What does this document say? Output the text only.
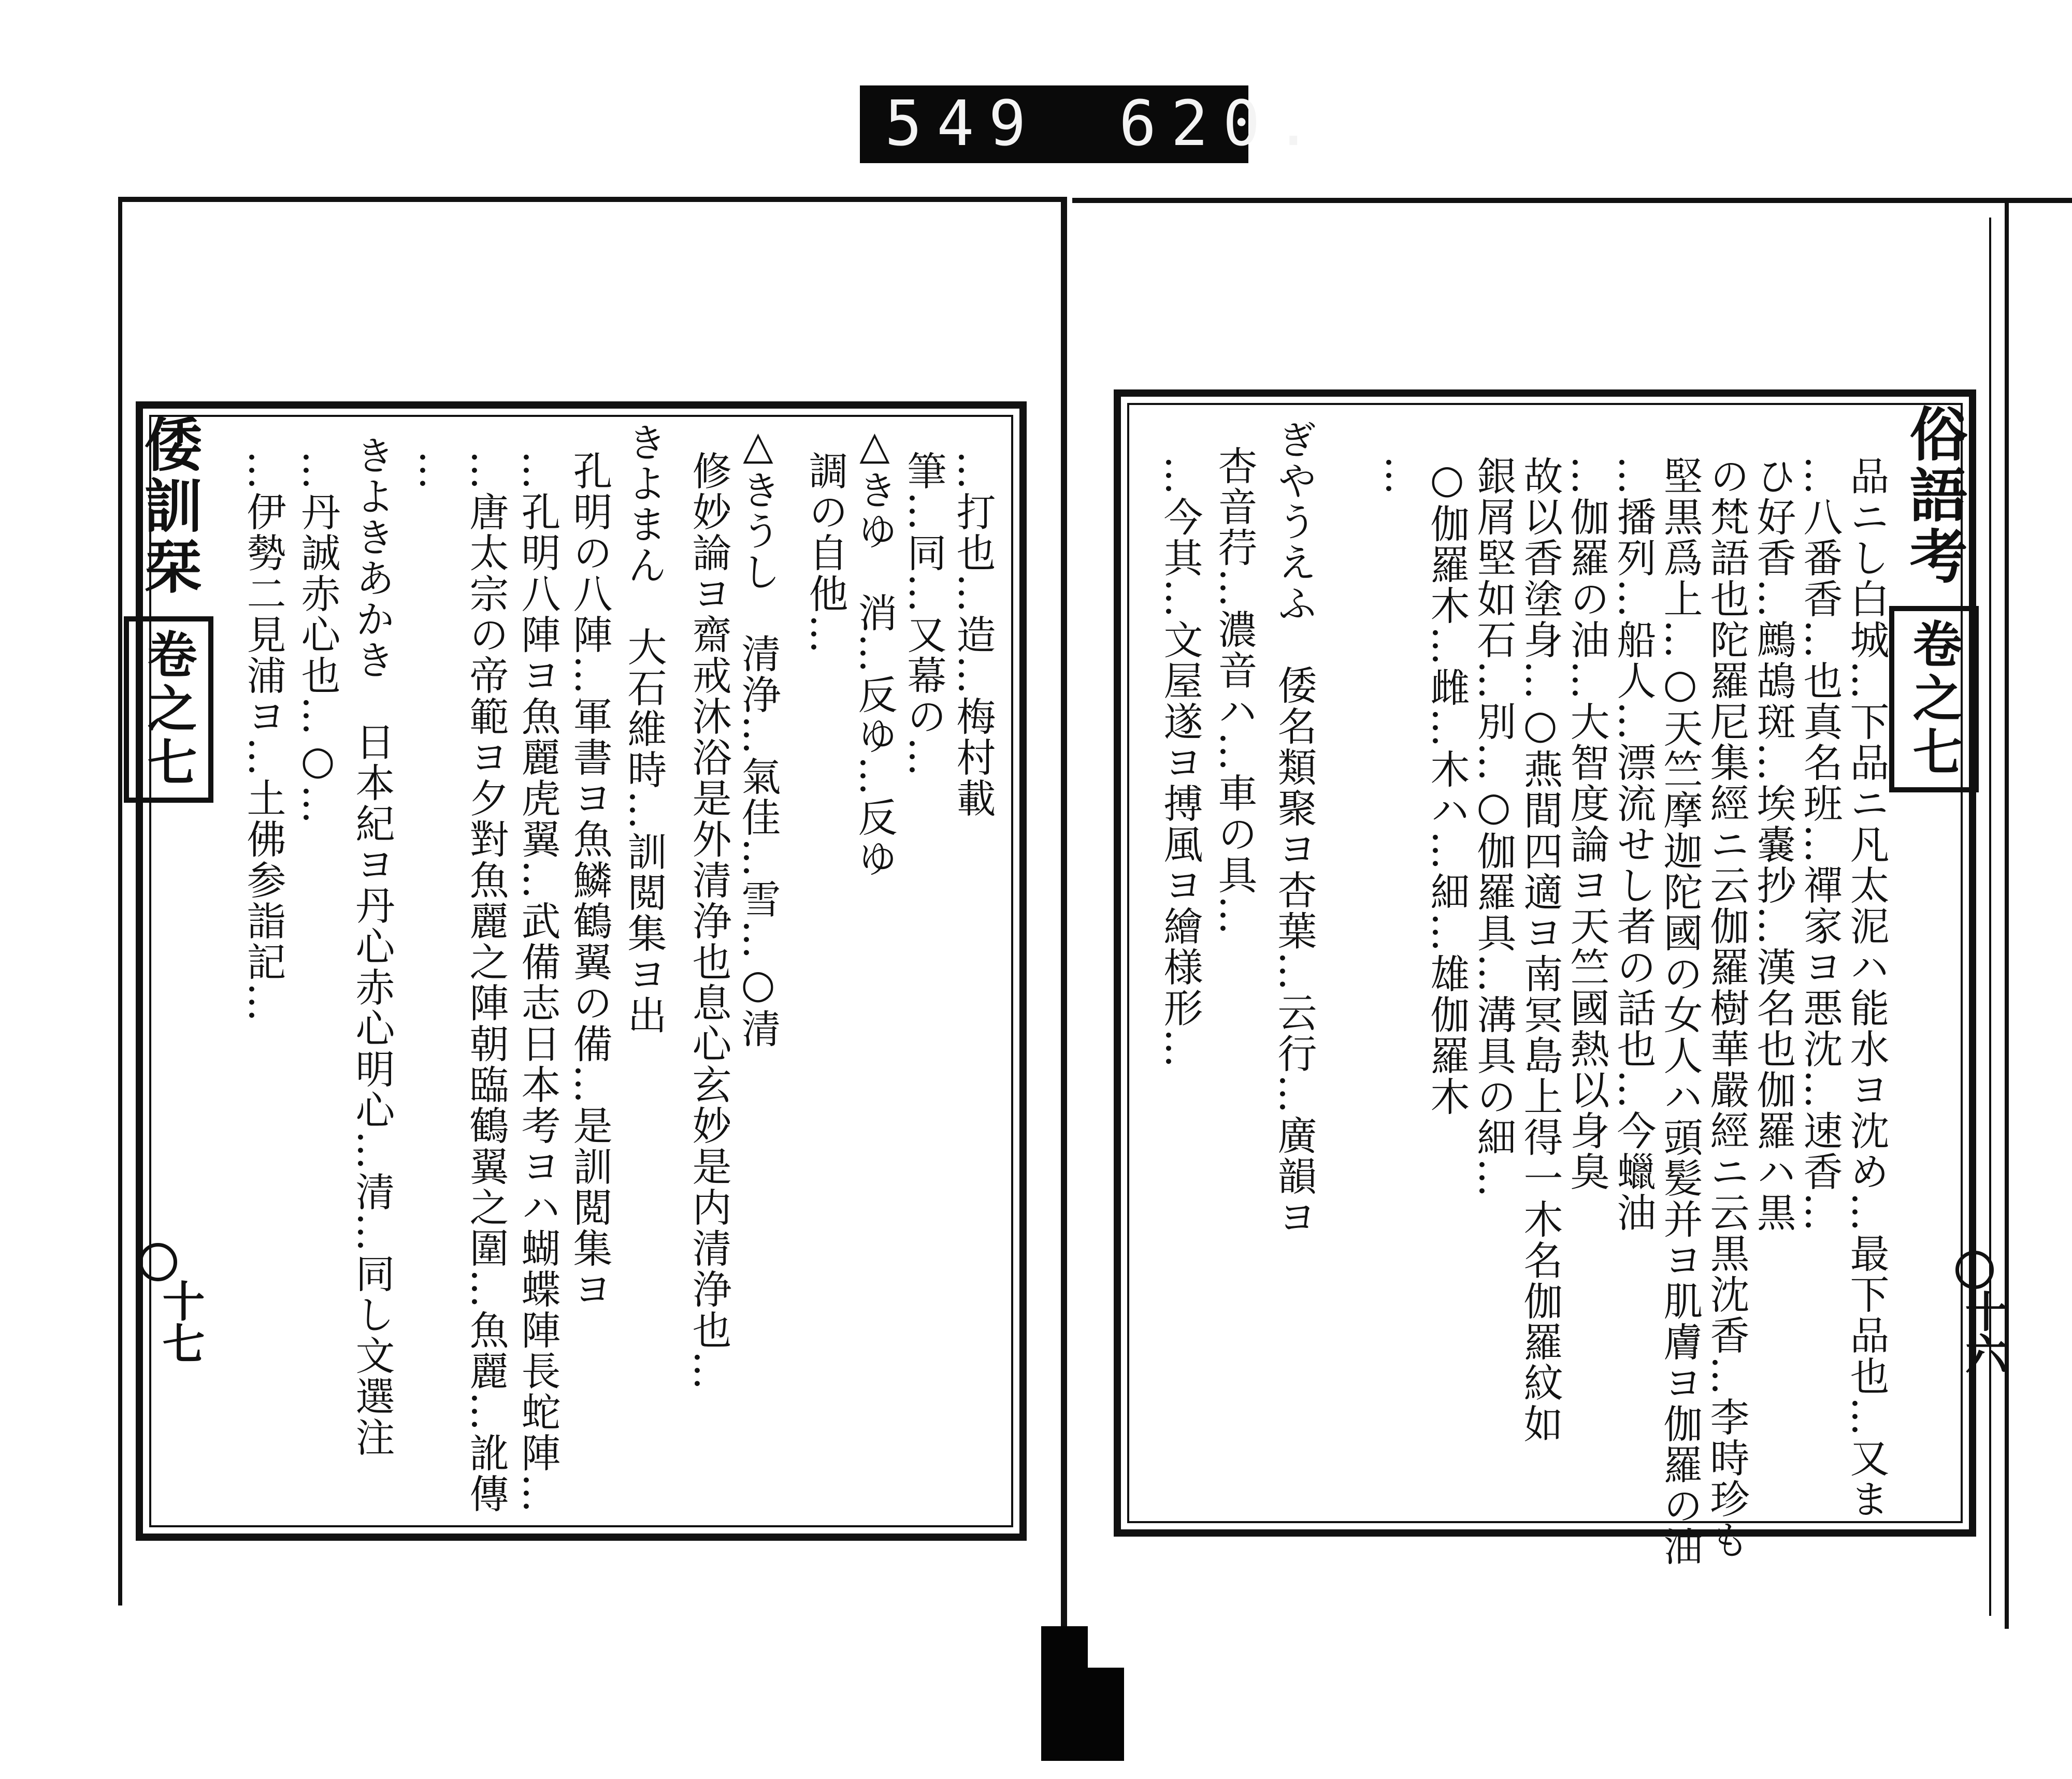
549 620.
倭訓栞 卷之七
十七
…打也…造…梅村載
筆…同…又幕の…
△きゆ　消…反ゆ…反ゆ
調の自他…
△きうし　清浄…氣佳…雪…○清
修妙論ヨ齋戒沐浴是外清浄也息心玄妙是内清浄也…
きよまん　大石維時…訓閲集ヨ出
孔明の八陣…軍書ヨ魚鱗鶴翼の備…是訓閲集ヨ
…孔明八陣ヨ魚麗虎翼…武備志日本考ヨハ蝴蝶陣長蛇陣…
…唐太宗の帝範ヨ夕對魚麗之陣朝臨鶴翼之圍…魚麗…訛傳
…
きよきあかき　日本紀ヨ丹心赤心明心…清…同し文選注
…丹誠赤心也…○…
…伊勢二見浦ヨ…土佛参詣記…	俗語考 卷之七
十六
品ニし白城…下品ニ凡太泥ハ能水ヨ沈め…最下品也…又ま
…八番香…也真名班…禪家ヨ悪沈…速香…
ひ好香…鷓鴣斑…埃嚢抄…漢名也伽羅ハ黒
の梵語也陀羅尼集經ニ云伽羅樹華嚴經ニ云黒沈香…李時珍も
堅黒爲上…○天竺摩迦陀國の女人ハ頭髪并ヨ肌膚ヨ伽羅の油
…播列…船人…漂流せし者の話也…今蠟油
…伽羅の油…大智度論ヨ天竺國熱以身臭
故以香塗身…○燕間四適ヨ南冥島上得一木名伽羅紋如
銀屑堅如石…別…○伽羅具…溝具の細…
○伽羅木…雌…木ハ…細…雄伽羅木
…
ぎやうえふ　倭名類聚ヨ杏葉…云行…廣韻ヨ
杏音荇…濃音ハ…車の具…
…今其…文屋遂ヨ搏風ヨ繪様形…
